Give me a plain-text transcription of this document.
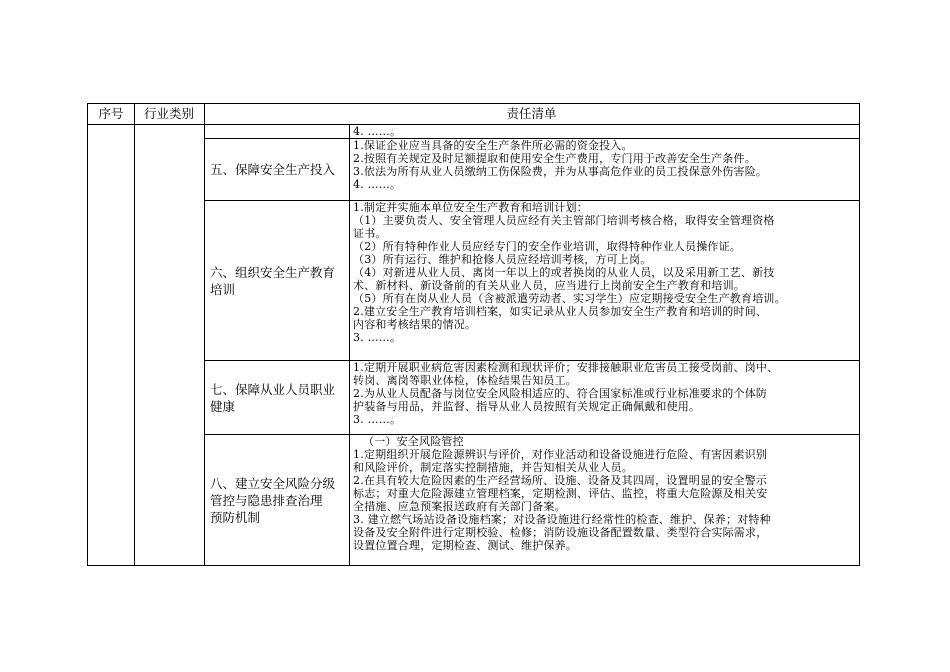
序号	行业类别	责任清单
4. ……。
五、保障安全生产投入
1.保证企业应当具备的安全生产条件所必需的资金投入。
2.按照有关规定及时足额提取和使用安全生产费用，专门用于改善安全生产条件。
3.依法为所有从业人员缴纳工伤保险费，并为从事高危作业的员工投保意外伤害险。
4. ……。
六、组织安全生产教育
培训
1.制定并实施本单位安全生产教育和培训计划：
（1）主要负责人、安全管理人员应经有关主管部门培训考核合格，取得安全管理资格
证书。
（2）所有特种作业人员应经专门的安全作业培训，取得特种作业人员操作证。
（3）所有运行、维护和抢修人员应经培训考核，方可上岗。
（4）对新进从业人员、离岗一年以上的或者换岗的从业人员，以及采用新工艺、新技
术、新材料、新设备前的有关从业人员，应当进行上岗前安全生产教育和培训。
（5）所有在岗从业人员（含被派遣劳动者、实习学生）应定期接受安全生产教育培训。
2.建立安全生产教育培训档案，如实记录从业人员参加安全生产教育和培训的时间、
内容和考核结果的情况。
3. ……。
七、保障从业人员职业
健康
1.定期开展职业病危害因素检测和现状评价；安排接触职业危害员工接受岗前、岗中、
转岗、离岗等职业体检，体检结果告知员工。
2.为从业人员配备与岗位安全风险相适应的、符合国家标准或行业标准要求的个体防
护装备与用品，并监督、指导从业人员按照有关规定正确佩戴和使用。
3. ……。
八、建立安全风险分级
管控与隐患排查治理
预防机制
（一）安全风险管控
1.定期组织开展危险源辨识与评价，对作业活动和设备设施进行危险、有害因素识别
和风险评价，制定落实控制措施，并告知相关从业人员。
2.在具有较大危险因素的生产经营场所、设施、设备及其四周，设置明显的安全警示
标志；对重大危险源建立管理档案，定期检测、评估、监控，将重大危险源及相关安
全措施、应急预案报送政府有关部门备案。
3. 建立燃气场站设备设施档案；对设备设施进行经常性的检查、维护、保养；对特种
设备及安全附件进行定期校验、检修；消防设施设备配置数量、类型符合实际需求，
设置位置合理，定期检查、测试、维护保养。
